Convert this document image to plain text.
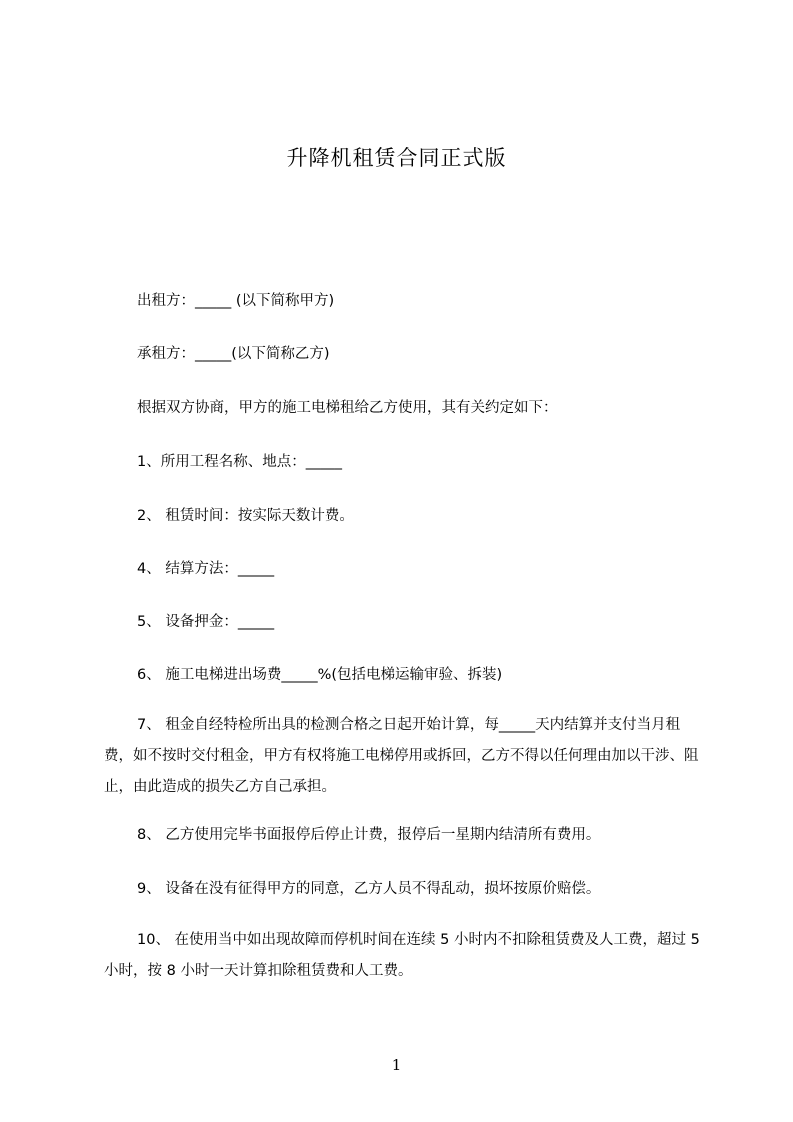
升降机租赁合同正式版
出租方：_____ (以下简称甲方)
承租方：_____(以下简称乙方)
根据双方协商，甲方的施工电梯租给乙方使用，其有关约定如下：
1、所用工程名称、地点：_____
2、 租赁时间：按实际天数计费。
4、 结算方法：_____
5、 设备押金：_____
6、 施工电梯进出场费_____%(包括电梯运输审验、拆装)
7、 租金自经特检所出具的检测合格之日起开始计算，每_____天内结算并支付当月租费，如不按时交付租金，甲方有权将施工电梯停用或拆回，乙方不得以任何理由加以干涉、阻止，由此造成的损失乙方自己承担。
8、 乙方使用完毕书面报停后停止计费，报停后一星期内结清所有费用。
9、 设备在没有征得甲方的同意，乙方人员不得乱动，损坏按原价赔偿。
10、 在使用当中如出现故障而停机时间在连续 5 小时内不扣除租赁费及人工费，超过 5 小时，按 8 小时一天计算扣除租赁费和人工费。
1
